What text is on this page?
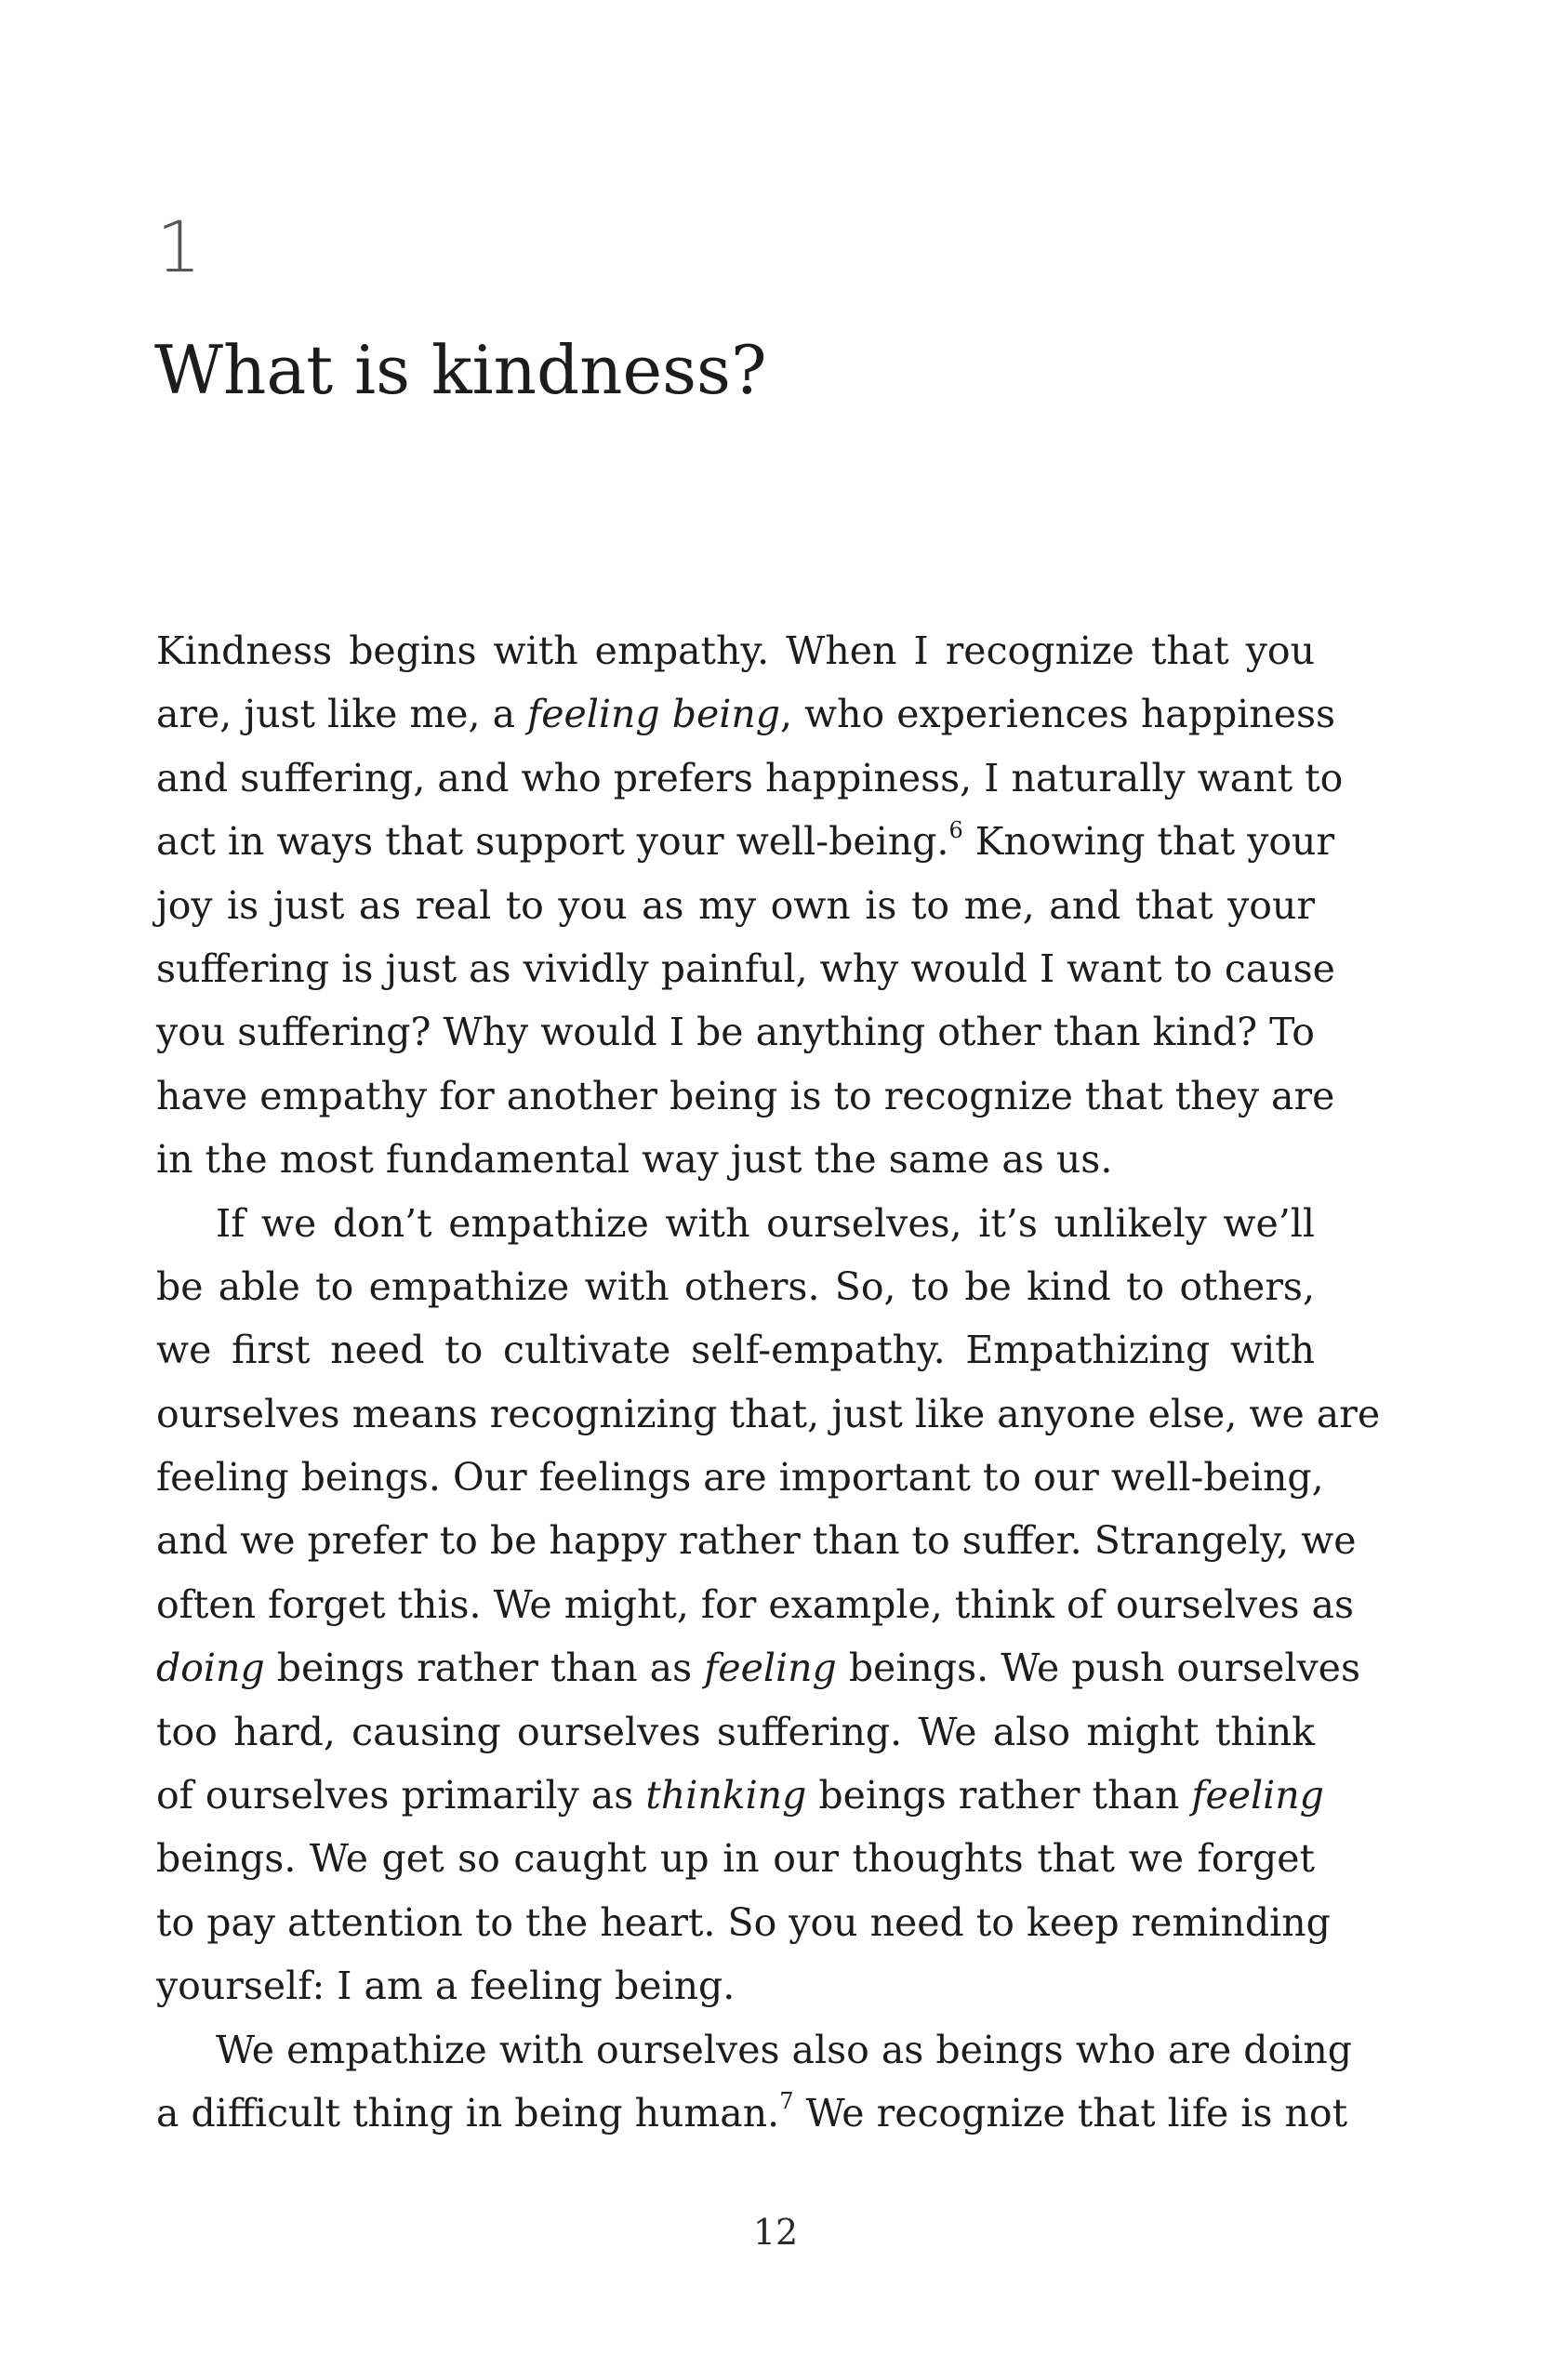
1
What is kindness?
Kindness begins with empathy. When I recognize that you
are, just like me, a feeling being, who experiences happiness
and suffering, and who prefers happiness, I naturally want to
act in ways that support your well-being.$^6$ Knowing that your
joy is just as real to you as my own is to me, and that your
suffering is just as vividly painful, why would I want to cause
you suffering? Why would I be anything other than kind? To
have empathy for another being is to recognize that they are
in the most fundamental way just the same as us.
If we don’t empathize with ourselves, it’s unlikely we’ll
be able to empathize with others. So, to be kind to others,
we first need to cultivate self-empathy. Empathizing with
ourselves means recognizing that, just like anyone else, we are
feeling beings. Our feelings are important to our well-being,
and we prefer to be happy rather than to suffer. Strangely, we
often forget this. We might, for example, think of ourselves as
doing beings rather than as feeling beings. We push ourselves
too hard, causing ourselves suffering. We also might think
of ourselves primarily as thinking beings rather than feeling
beings. We get so caught up in our thoughts that we forget
to pay attention to the heart. So you need to keep reminding
yourself: I am a feeling being.
We empathize with ourselves also as beings who are doing
a difficult thing in being human.$^7$ We recognize that life is not
12
